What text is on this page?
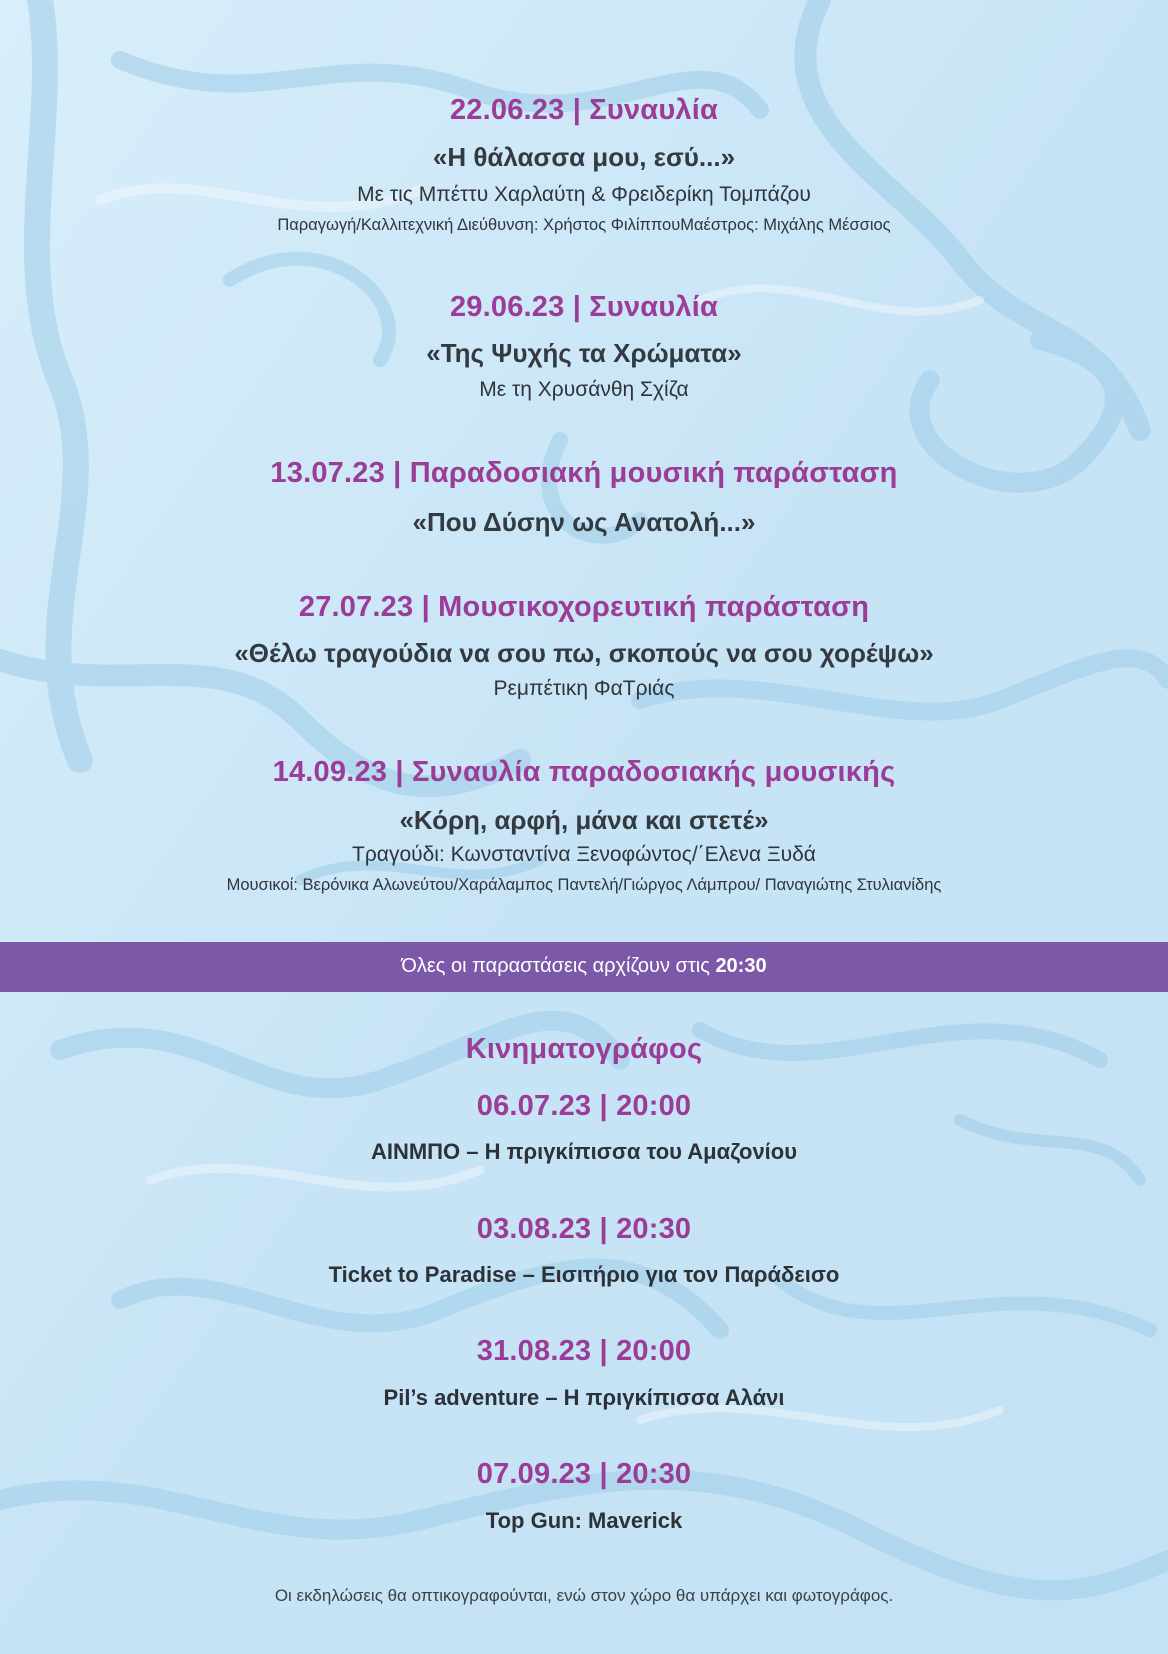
22.06.23 | Συναυλία
«Η θάλασσα μου, εσύ...»
Με τις Μπέττυ Χαρλαύτη & Φρειδερίκη Τομπάζου
Παραγωγή/Καλλιτεχνική Διεύθυνση: Χρήστος ΦιλίππουΜαέστρος: Μιχάλης Μέσσιος
29.06.23 | Συναυλία
«Της Ψυχής τα Χρώματα»
Με τη Χρυσάνθη Σχίζα
13.07.23 | Παραδοσιακή μουσική παράσταση
«Που Δύσην ως Ανατολή...»
27.07.23 | Μουσικοχορευτική παράσταση
«Θέλω τραγούδια να σου πω, σκοπούς να σου χορέψω»
Ρεμπέτικη ΦαΤριάς
14.09.23 | Συναυλία παραδοσιακής μουσικής
«Κόρη, αρφή, μάνα και στετέ»
Τραγούδι: Κωνσταντίνα Ξενοφώντος/΄Ελενα Ξυδά
Μουσικοί: Βερόνικα Αλωνεύτου/Χαράλαμπος Παντελή/Γιώργος Λάμπρου/ Παναγιώτης Στυλιανίδης
Όλες οι παραστάσεις αρχίζουν στις 20:30
Κινηματογράφος
06.07.23 | 20:00
ΑΙΝΜΠΟ – Η πριγκίπισσα του Αμαζονίου
03.08.23 | 20:30
Ticket to Paradise – Εισιτήριο για τον Παράδεισο
31.08.23 | 20:00
Pil’s adventure – Η πριγκίπισσα Αλάνι
07.09.23 | 20:30
Top Gun: Maverick
Οι εκδηλώσεις θα οπτικογραφούνται, ενώ στον χώρο θα υπάρχει και φωτογράφος.
